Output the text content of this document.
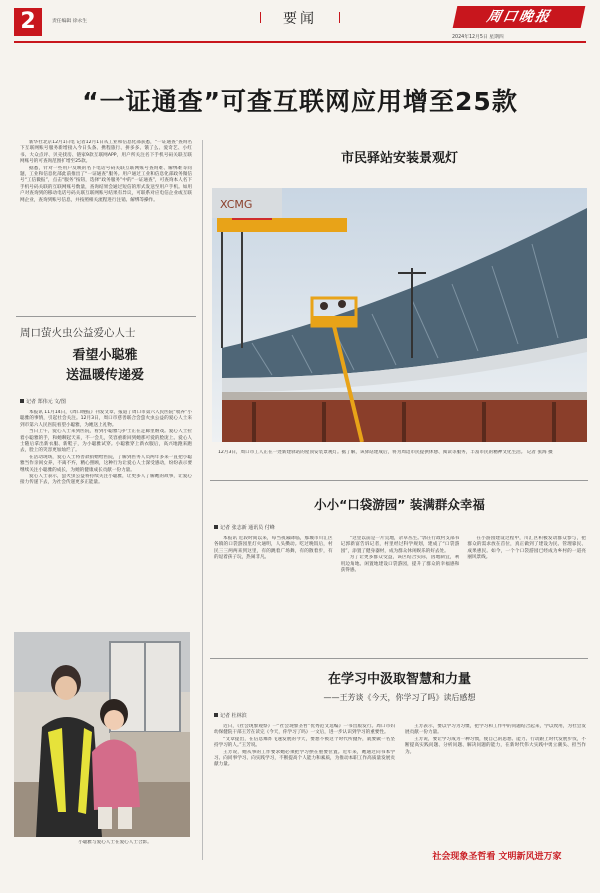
2	责任编辑 徐永生	要闻	周口晚报
2024年12月5日 星期四
“一证通查”可查互联网应用增至25款

新华社北京12月1日电 记者12月1日从工业和信息化部获悉，“一证通查”查询名下互联网账号服务新增接入今日头条、携程旅行、拼多多、饿了么、爱奇艺、小红书、大众点评、贝壳找房、链家9款互联网APP，用户所关注名下手机号码关联互联网账号的可查询范围扩增至25款。

据悉，针对一些用户反映的名下电话号码关联互联网账号查询难、解绑难等问题，工业和信息化部此前推出了“一证通查”服务。用户通过工业和信息化部政务微信号“工信微报”，点击“服务”按钮，选择“政务服务”中的“一证通查”，可查询本人名下手机号码关联的互联网账号数量，查询结果会通过短信的形式发送至用户手机。如用户对查询到的移动电话号码关联互联网账号结果有异议，可联系对应电信企业或互联网企业，查询到账号信息，并按照相关流程进行注销、解绑等操作。

周口萤火虫公益爱心人士
看望小聪雅
送温暖传递爱
记者 郑伟元 文/图

本报讯 11月14日，《周口晚报》刊发文章，报道了周口市第六人民医院“收养”小聪雅的事情，引起社会关注。12月3日，周口市慈善联合会萤火虫公益的爱心人士来到市第六人民医院看望小聪雅，为她送上礼物。

当日上午，爱心人士来到医院，看到小聪雅与护士正在走廊里嬉戏。爱心人士拉着小聪雅的手，和她聊起天来，不一会儿，笑容重新回到她那可爱的脸庞上。爱心人士随后拿出新衣服、新鞋子，为小聪雅试穿。小聪雅穿上新衣服后，高兴地跑来跑去，脸上的笑容更加灿烂了。

在活动现场，爱心人士将善款捐赠给医院，了解到医务人员两年多来一直把小聪雅当作亲闺女养，不离不弃，精心照顾，这种行为让爱心人士深受感动，纷纷表示要继续关注小聪雅的成长，为她的健康成长贡献一份力量。

爱心人士表示，萤火虫公益将持续关注小聪雅，让更多人了解她的故事，让爱心接力传递下去，为社会传递更多正能量。

小聪雅与爱心人士在爱心人士合影。
市民驿站安装景观灯
XCMG
12月3日，周口市工人正在一处新建驿站的屋顶安装景观灯。据了解，该驿站建成后，将为周边市民提供休憩、阅读等服务，丰富市民的精神文化生活。 记者 张海 摄
小小“口袋游园” 装满群众幸福
记者 张志新 通讯员 付峰

本报讯 近段时间以来，每当夜幕降临，鄢城市川汇区各镇的口袋游园里灯火通明，人头攒动。吃过晚饭后，村民三三两两来到这里，有的跳着广场舞，有的散着步，有的逗着孩子玩，热闹非凡。

“这里以前是一片荒地，杂草丛生。”郭庄行政村支部书记郭新富告诉记者，村里经过科学规划，建成了“口袋游园”，添置了健身器材，成为群众休闲娱乐的好去处。

为了让更多群众受益，该区结合实际，因地制宜，利用边角地、闲置地建设口袋游园，提升了群众的幸福感和获得感。

在小游园建设过程中，川汇区积极发动群众参与，把群众的需求放在首位，真正做到了建设为民、管理靠民、成果惠民。如今，一个个口袋游园已经成为乡村的一道亮丽风景线。

在学习中汲取智慧和力量
——王芳谈《今天，你学习了吗》读后感想
记者 杜林滨

近日，《社会现象观察》一“社会现象圣哲”优秀范文选编》一书出版发行。周口市妇幼保健院干部王芳在读完《今天，你学习了吗》一文后，进一步认识到学习的重要性。

“文章提出，在信息爆炸飞速发展的今天，要想不被这个时代所抛弃，就要做一名坚持学习的人。”王芳说。

王芳说，她从事的工作要求她必须把学习摆在重要位置。近年来，她通过向书本学习、向同事学习、向实践学习，不断提高个人能力和素质，为推动本职工作高质量发展贡献力量。

王芳表示，要以学习为习惯，把学习和工作中的问题结合起来，学以致用，为社会发展贡献一份力量。

王芳说，要让学习成为一种习惯，使自己的思想、能力、行动跟上时代发展步伐，不断提高实践问题、分析问题、解决问题的能力，在新时代伟大实践中勇立潮头、担当作为。

社会现象圣哲看 文明新风进万家
